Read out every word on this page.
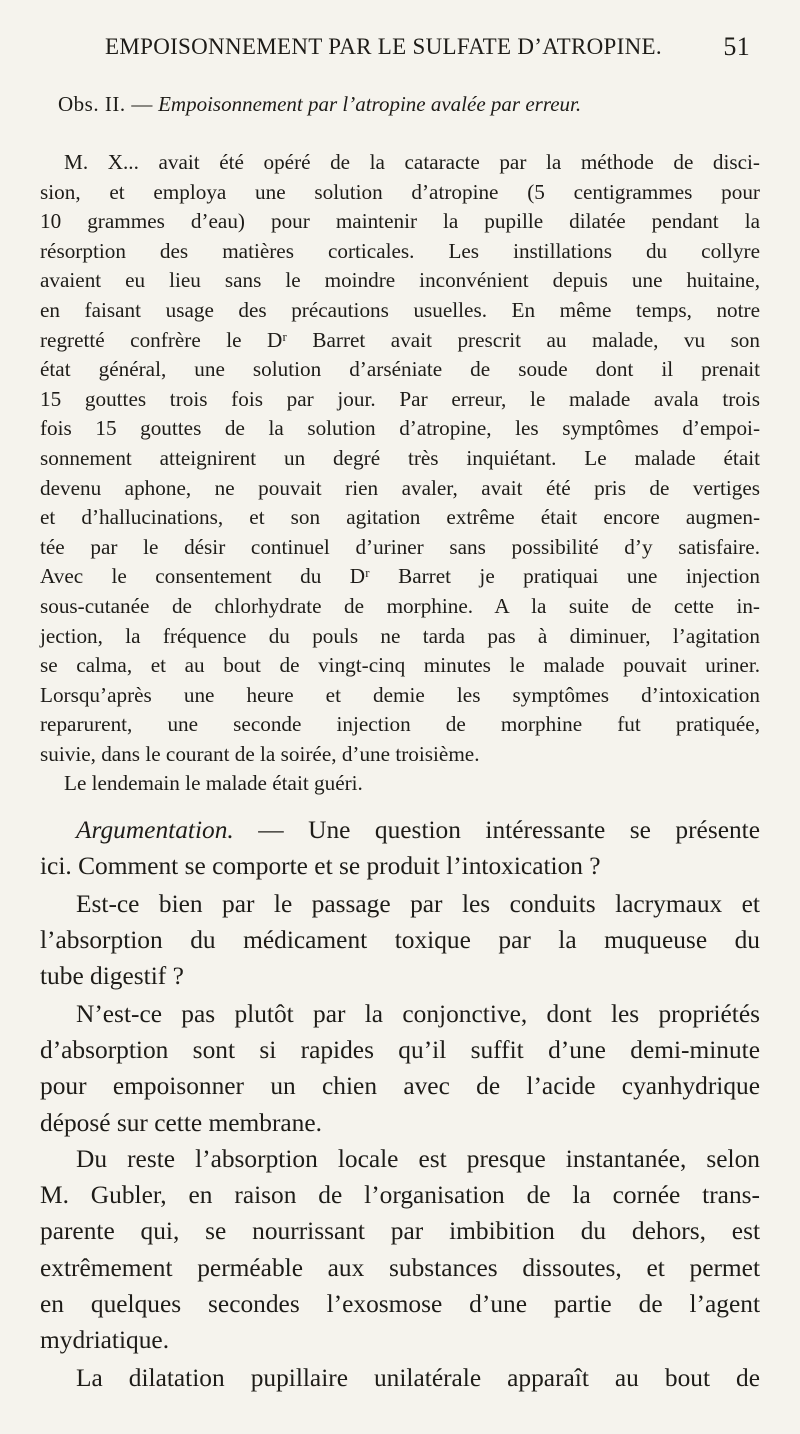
EMPOISONNEMENT PAR LE SULFATE D’ATROPINE. 51
Obs. II. — Empoisonnement par l’atropine avalée par erreur.

M. X... avait été opéré de la cataracte par la méthode de disci-

sion, et employa une solution d’atropine (5 centigrammes pour

10 grammes d’eau) pour maintenir la pupille dilatée pendant la

résorption des matières corticales. Les instillations du collyre

avaient eu lieu sans le moindre inconvénient depuis une huitaine,

en faisant usage des précautions usuelles. En même temps, notre

regretté confrère le Dʳ Barret avait prescrit au malade, vu son

état général, une solution d’arséniate de soude dont il prenait

15 gouttes trois fois par jour. Par erreur, le malade avala trois

fois 15 gouttes de la solution d’atropine, les symptômes d’empoi-

sonnement atteignirent un degré très inquiétant. Le malade était

devenu aphone, ne pouvait rien avaler, avait été pris de vertiges

et d’hallucinations, et son agitation extrême était encore augmen-

tée par le désir continuel d’uriner sans possibilité d’y satisfaire.

Avec le consentement du Dʳ Barret je pratiquai une injection

sous-cutanée de chlorhydrate de morphine. A la suite de cette in-

jection, la fréquence du pouls ne tarda pas à diminuer, l’agitation

se calma, et au bout de vingt-cinq minutes le malade pouvait uriner.

Lorsqu’après une heure et demie les symptômes d’intoxication

reparurent, une seconde injection de morphine fut pratiquée,

suivie, dans le courant de la soirée, d’une troisième.

Le lendemain le malade était guéri.

Argumentation. — Une question intéressante se présente

ici. Comment se comporte et se produit l’intoxication ?

Est-ce bien par le passage par les conduits lacrymaux et

l’absorption du médicament toxique par la muqueuse du

tube digestif ?

N’est-ce pas plutôt par la conjonctive, dont les propriétés

d’absorption sont si rapides qu’il suffit d’une demi-minute

pour empoisonner un chien avec de l’acide cyanhydrique

déposé sur cette membrane.

Du reste l’absorption locale est presque instantanée, selon

M. Gubler, en raison de l’organisation de la cornée trans-

parente qui, se nourrissant par imbibition du dehors, est

extrêmement perméable aux substances dissoutes, et permet

en quelques secondes l’exosmose d’une partie de l’agent

mydriatique.

La dilatation pupillaire unilatérale apparaît au bout de
